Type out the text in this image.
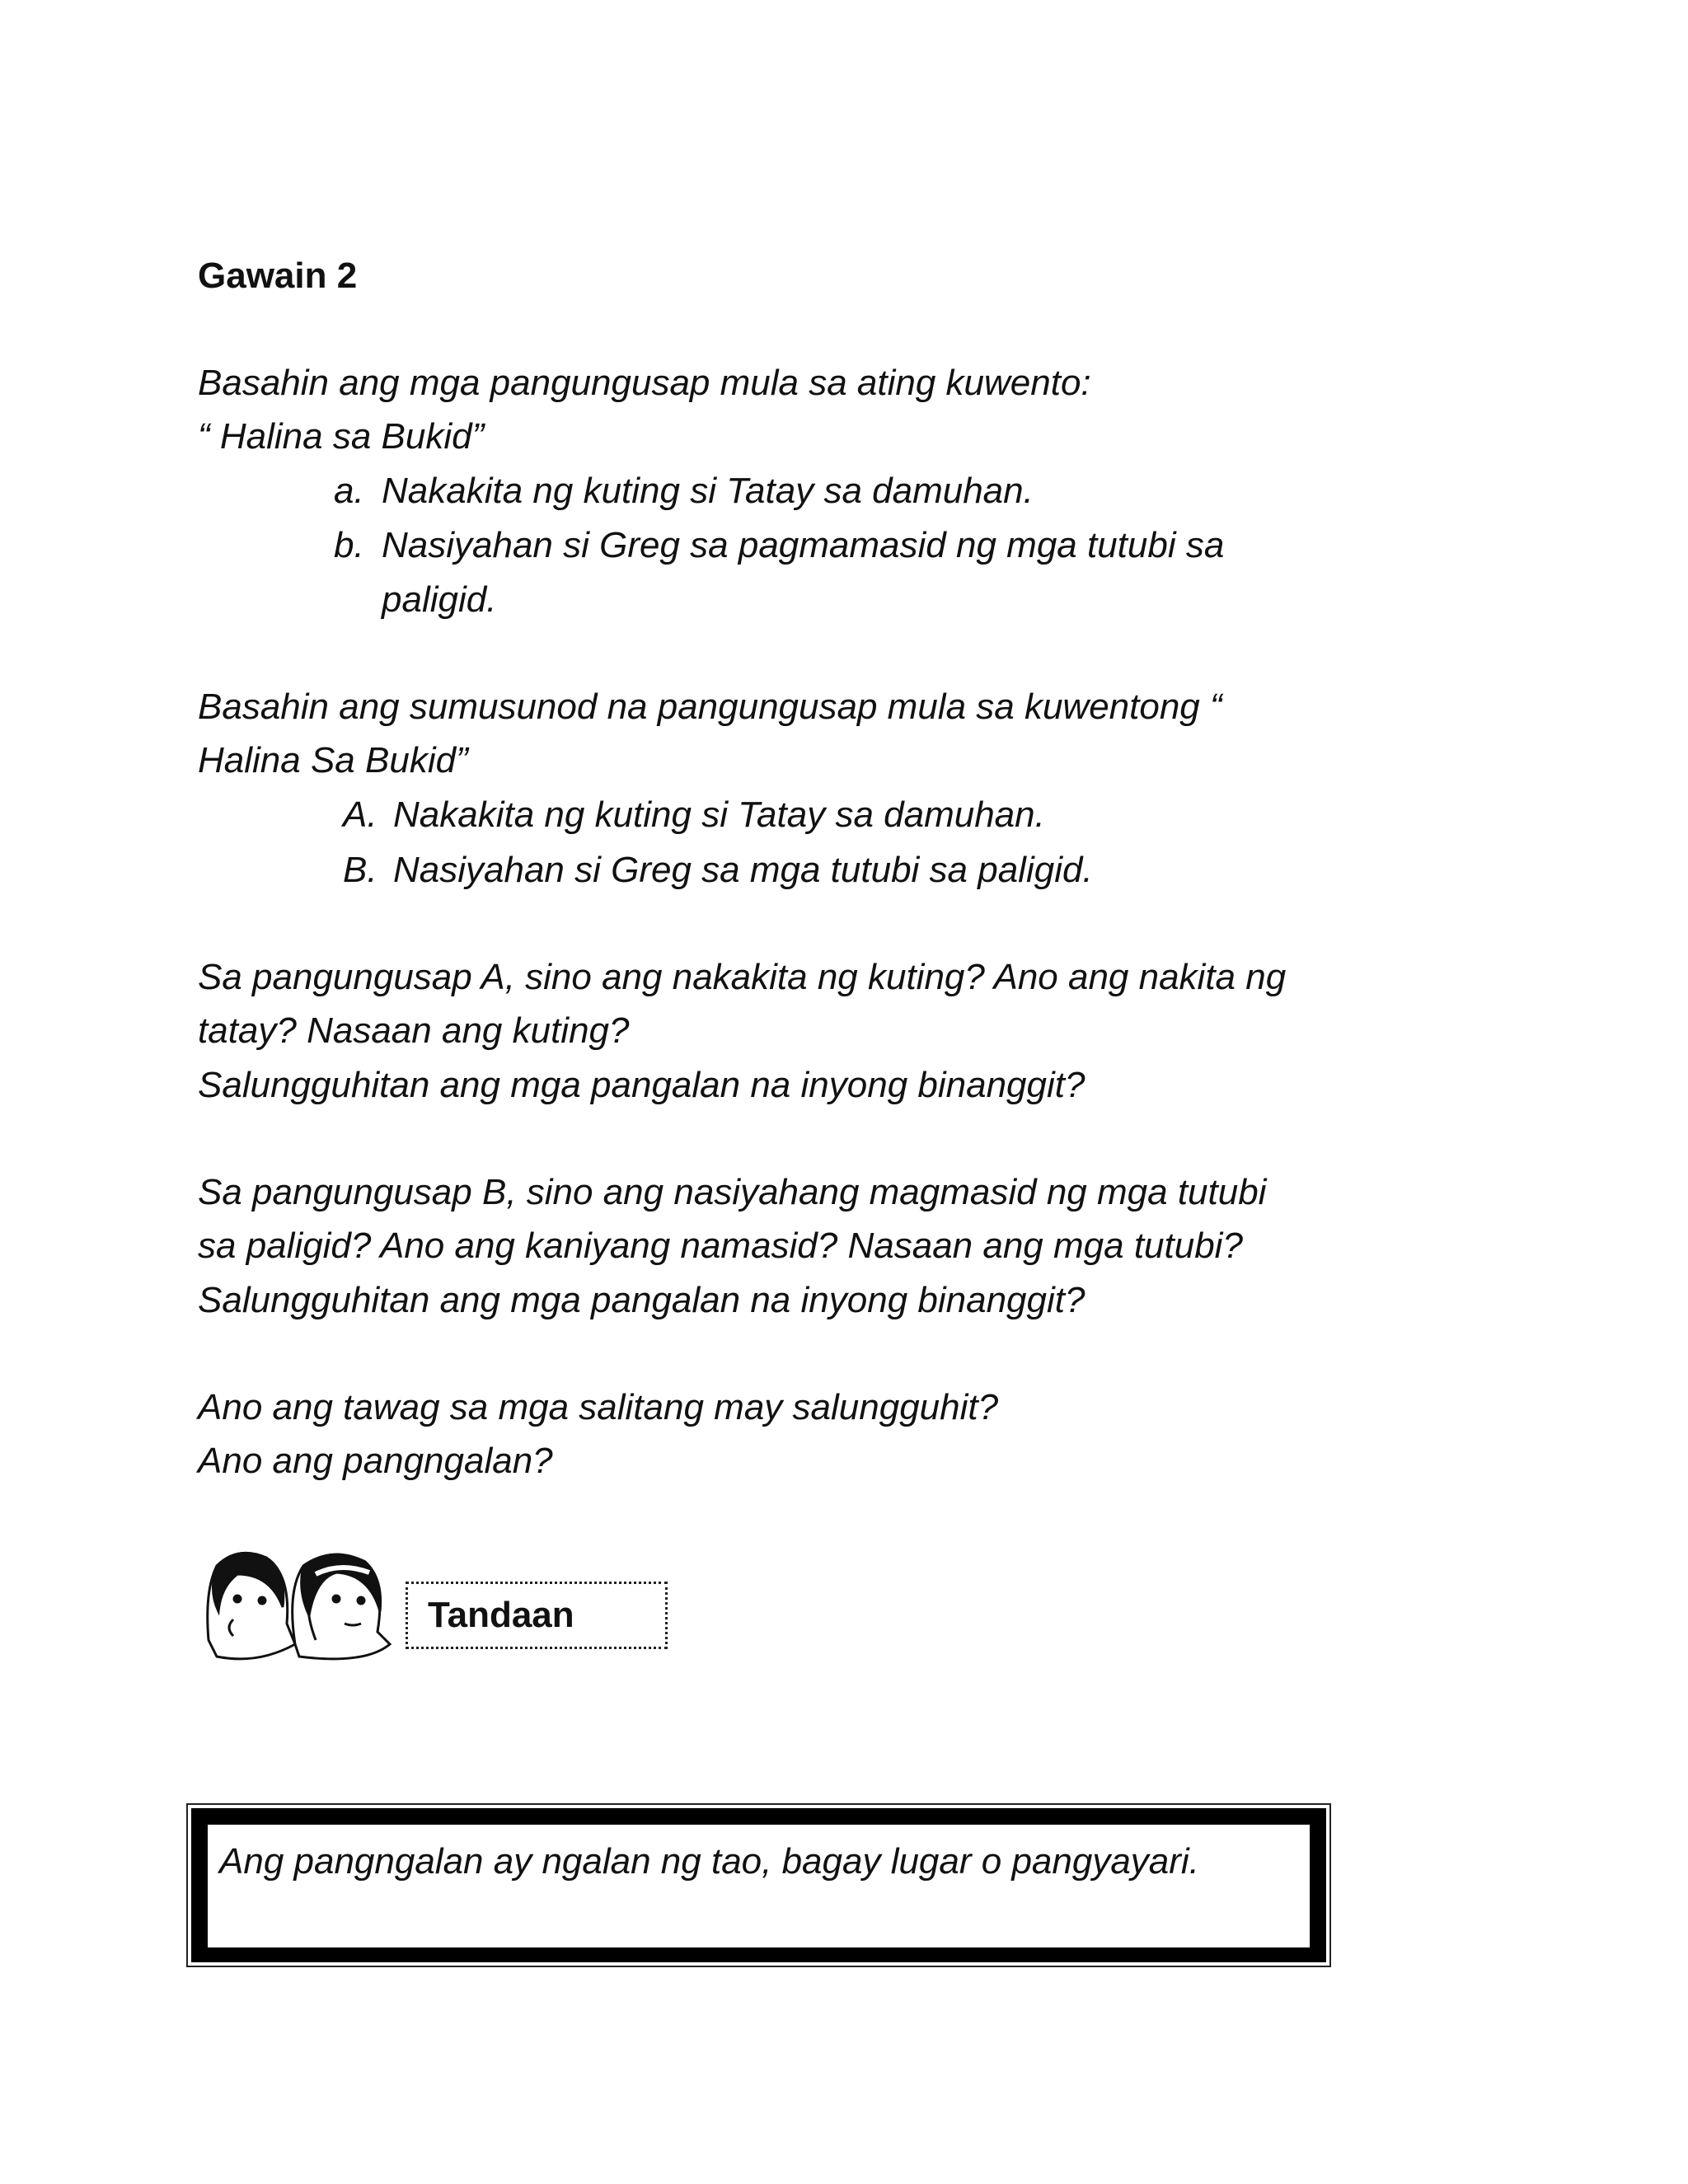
Gawain 2
Basahin ang mga pangungusap mula sa ating kuwento:
“ Halina sa Bukid”
a. Nakakita ng kuting si Tatay sa damuhan.
b. Nasiyahan si Greg sa pagmamasid ng mga tutubi sa
paligid.
Basahin ang sumusunod na pangungusap mula sa kuwentong “
Halina Sa Bukid”
A. Nakakita ng kuting si Tatay sa damuhan.
B. Nasiyahan si Greg sa mga tutubi sa paligid.
Sa pangungusap A, sino ang nakakita ng kuting? Ano ang nakita ng
tatay? Nasaan ang kuting?
Salungguhitan ang mga pangalan na inyong binanggit?
Sa pangungusap B, sino ang nasiyahang magmasid ng mga tutubi
sa paligid? Ano ang kaniyang namasid? Nasaan ang mga tutubi?
Salungguhitan ang mga pangalan na inyong binanggit?
Ano ang tawag sa mga salitang may salungguhit?
Ano ang pangngalan?
Tandaan
Ang pangngalan ay ngalan ng tao, bagay lugar o pangyayari.
